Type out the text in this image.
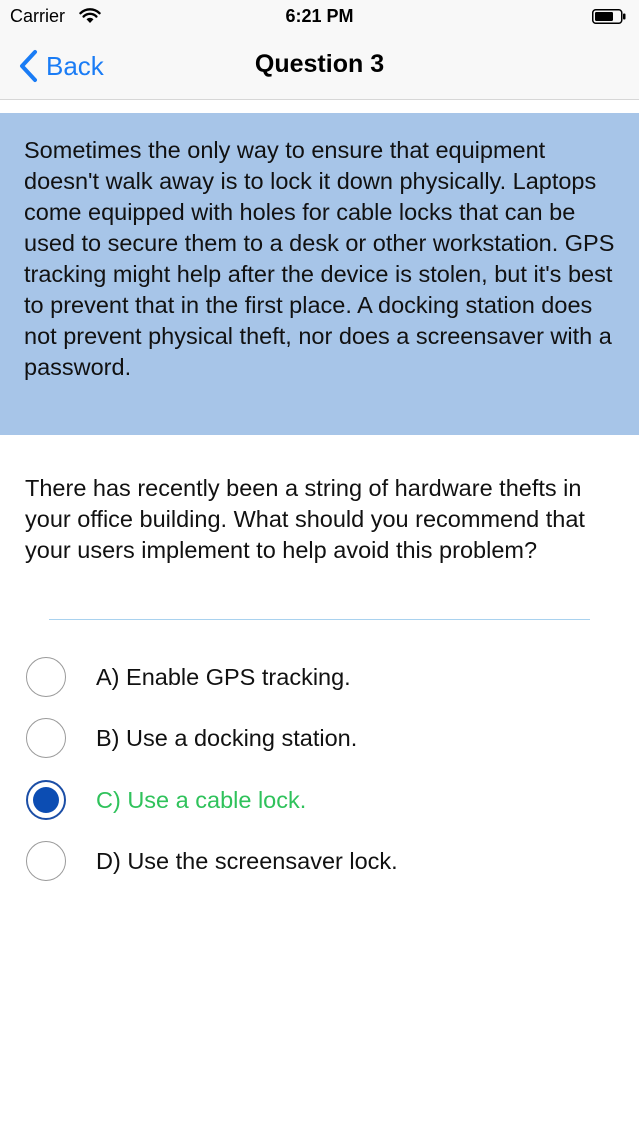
Carrier	6:21 PM
Back	Question 3
Sometimes the only way to ensure that equipment doesn't walk away is to lock it down physically. Laptops come equipped with holes for cable locks that can be used to secure them to a desk or other workstation. GPS tracking might help after the device is stolen, but it's best to prevent that in the first place. A docking station does not prevent physical theft, nor does a screensaver with a password.
There has recently been a string of hardware thefts in your office building. What should you recommend that your users implement to help avoid this problem?
A) Enable GPS tracking.
B) Use a docking station.
C) Use a cable lock.
D) Use the screensaver lock.
